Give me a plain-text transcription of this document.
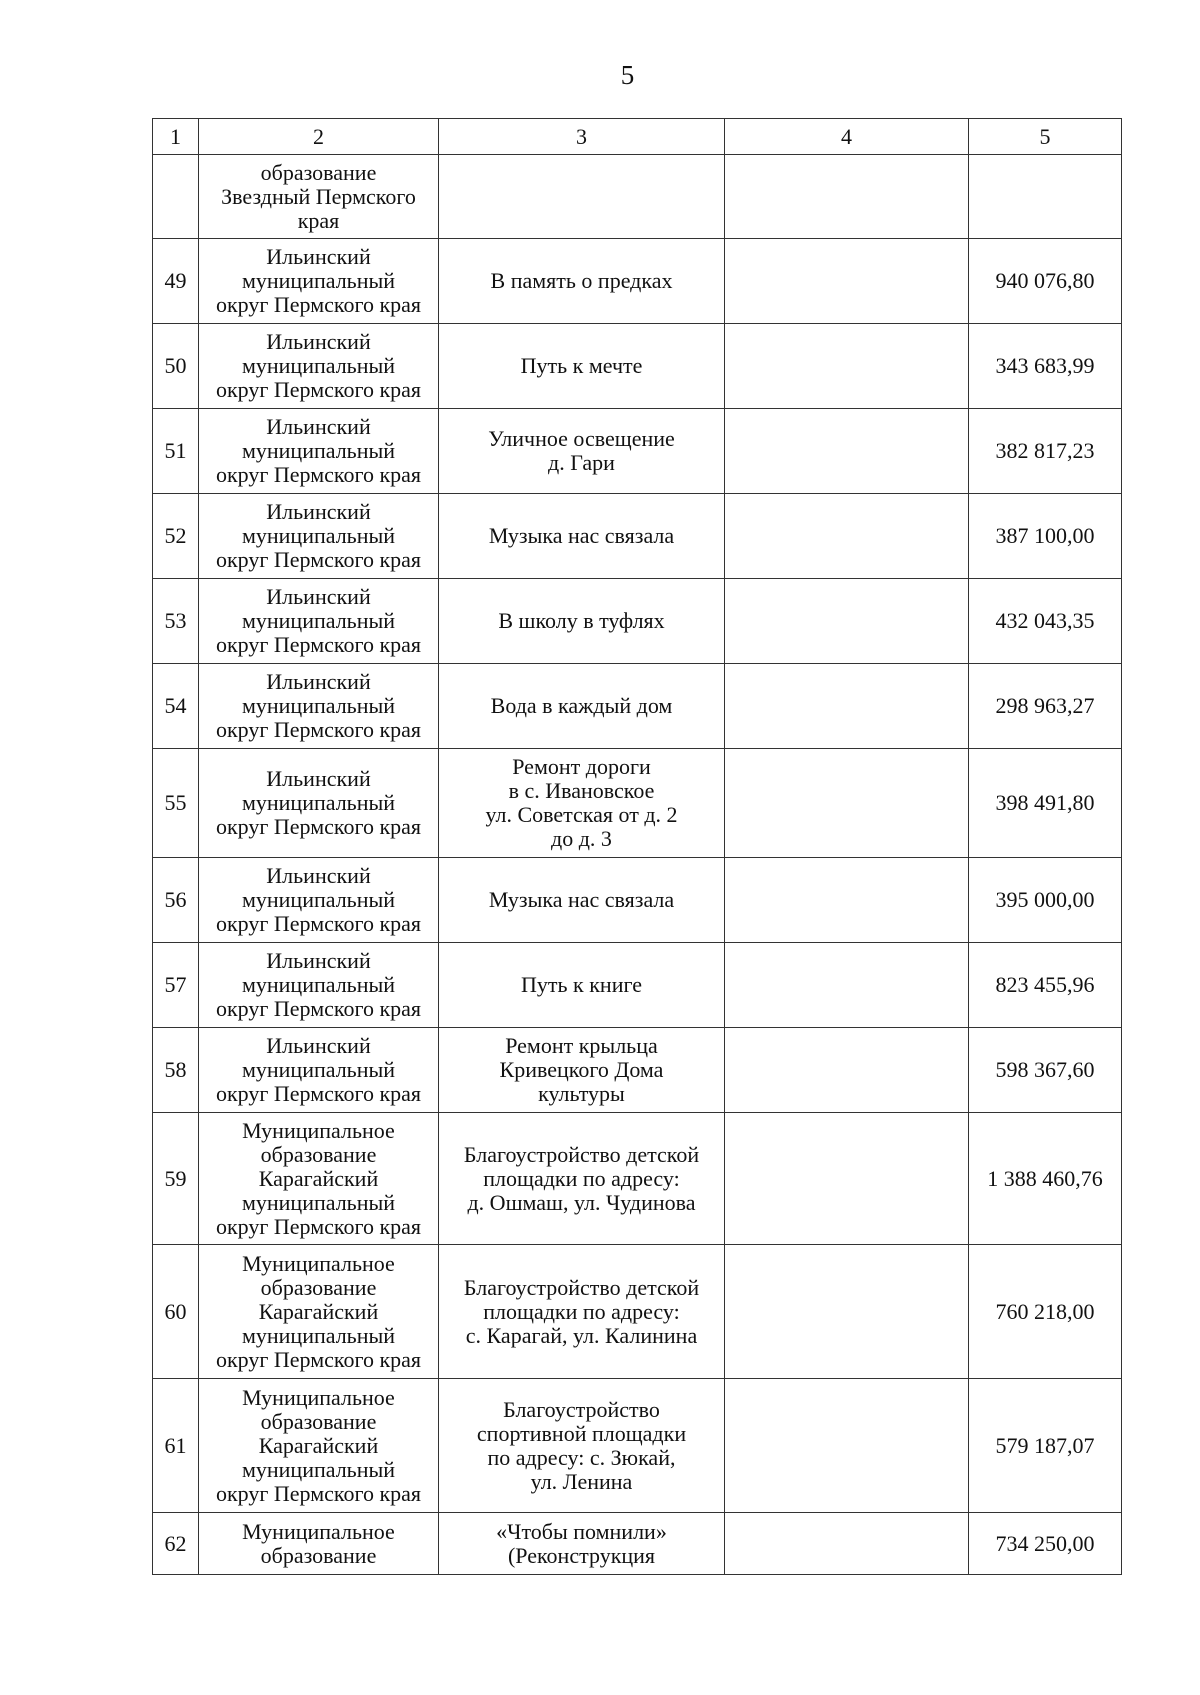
5
1	2	3	4	5
	образование
Звездный Пермского
края			
49	Ильинский
муниципальный
округ Пермского края	В память о предках		940 076,80
50	Ильинский
муниципальный
округ Пермского края	Путь к мечте		343 683,99
51	Ильинский
муниципальный
округ Пермского края	Уличное освещение
д. Гари		382 817,23
52	Ильинский
муниципальный
округ Пермского края	Музыка нас связала		387 100,00
53	Ильинский
муниципальный
округ Пермского края	В школу в туфлях		432 043,35
54	Ильинский
муниципальный
округ Пермского края	Вода в каждый дом		298 963,27
55	Ильинский
муниципальный
округ Пермского края	Ремонт дороги
в с. Ивановское
ул. Советская от д. 2
до д. 3		398 491,80
56	Ильинский
муниципальный
округ Пермского края	Музыка нас связала		395 000,00
57	Ильинский
муниципальный
округ Пермского края	Путь к книге		823 455,96
58	Ильинский
муниципальный
округ Пермского края	Ремонт крыльца
Кривецкого Дома
культуры		598 367,60
59	Муниципальное
образование
Карагайский
муниципальный
округ Пермского края	Благоустройство детской
площадки по адресу:
д. Ошмаш, ул. Чудинова		1 388 460,76
60	Муниципальное
образование
Карагайский
муниципальный
округ Пермского края	Благоустройство детской
площадки по адресу:
с. Карагай, ул. Калинина		760 218,00
61	Муниципальное
образование
Карагайский
муниципальный
округ Пермского края	Благоустройство
спортивной площадки
по адресу: с. Зюкай,
ул. Ленина		579 187,07
62	Муниципальное
образование	«Чтобы помнили»
(Реконструкция		734 250,00
